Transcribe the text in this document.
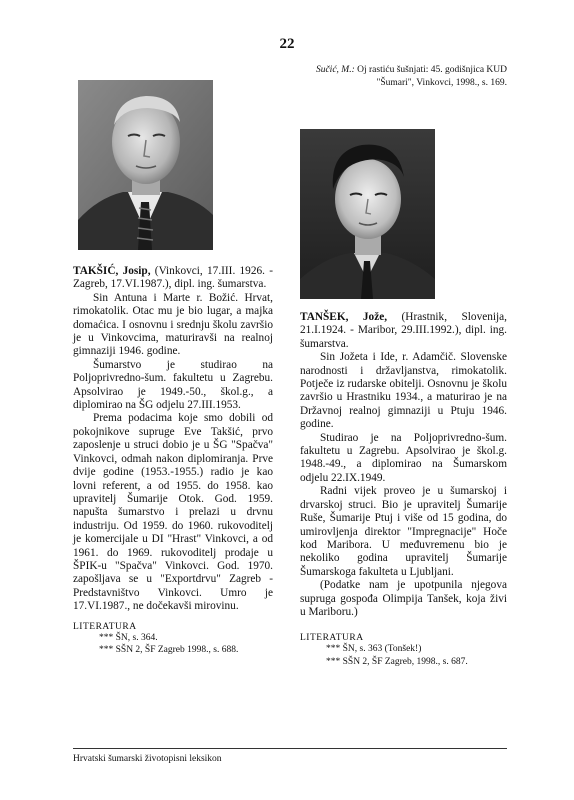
22

TAKŠIĆ, Josip, (Vinkovci, 17.III. 1926. - Zagreb, 17.VI.1987.), dipl. ing. šumarstva.

Sin Antuna i Marte r. Božić. Hrvat, rimokatolik. Otac mu je bio lugar, a majka domaćica. I osnovnu i srednju školu završio je u Vinkovcima, maturiravši na realnoj gimnaziji 1946. godine.

Šumarstvo je studirao na Poljoprivredno-šum. fakultetu u Zagrebu. Apsolvirao je 1949.-50., škol.g., a diplomirao na ŠG odjelu 27.III.1953.

Prema podacima koje smo dobili od pokojnikove supruge Eve Takšić, prvo zaposlenje u struci dobio je u ŠG "Spačva" Vinkovci, odmah nakon diplomiranja. Prve dvije godine (1953.-1955.) radio je kao lovni referent, a od 1955. do 1958. kao upravitelj Šumarije Otok. God. 1959. napušta šumarstvo i prelazi u drvnu industriju. Od 1959. do 1960. rukovoditelj je komercijale u DI "Hrast" Vinkovci, a od 1961. do 1969. rukovoditelj prodaje u ŠPIK-u "Spačva" Vinkovci. God. 1970. zapošljava se u "Exportdrvu" Zagreb - Predstavništvo Vinkovci. Umro je 17.VI.1987., ne dočekavši mirovinu.

LITERATURA
*** ŠN, s. 364.
*** SŠN 2, ŠF Zagreb 1998., s. 688.
Sučić, M.: Oj rastiću šušnjati: 45. godišnjica KUD "Šumari", Vinkovci, 1998., s. 169.

TANŠEK, Jože, (Hrastnik, Slovenija, 21.I.1924. - Maribor, 29.III.1992.), dipl. ing. šumarstva.

Sin Jožeta i Ide, r. Adamčič. Slovenske narodnosti i državljanstva, rimokatolik. Potječe iz rudarske obitelji. Osnovnu je školu završio u Hrastniku 1934., a maturirao je na Državnoj realnoj gimnaziji u Ptuju 1946. godine.

Studirao je na Poljoprivredno-šum. fakultetu u Zagrebu. Apsolvirao je škol.g. 1948.-49., a diplomirao na Šumarskom odjelu 22.IX.1949.

Radni vijek proveo je u šumarskoj i drvarskoj struci. Bio je upravitelj Šumarije Ruše, Šumarije Ptuj i više od 15 godina, do umirovljenja direktor "Impregnacije" Hoče kod Maribora. U međuvremenu bio je nekoliko godina upravitelj Šumarije Šumarskoga fakulteta u Ljubljani.

(Podatke nam je upotpunila njegova supruga gospođa Olimpija Tanšek, koja živi u Mariboru.)

LITERATURA
*** ŠN, s. 363 (Tonšek!)
*** SŠN 2, ŠF Zagreb, 1998., s. 687.
Hrvatski šumarski životopisni leksikon
